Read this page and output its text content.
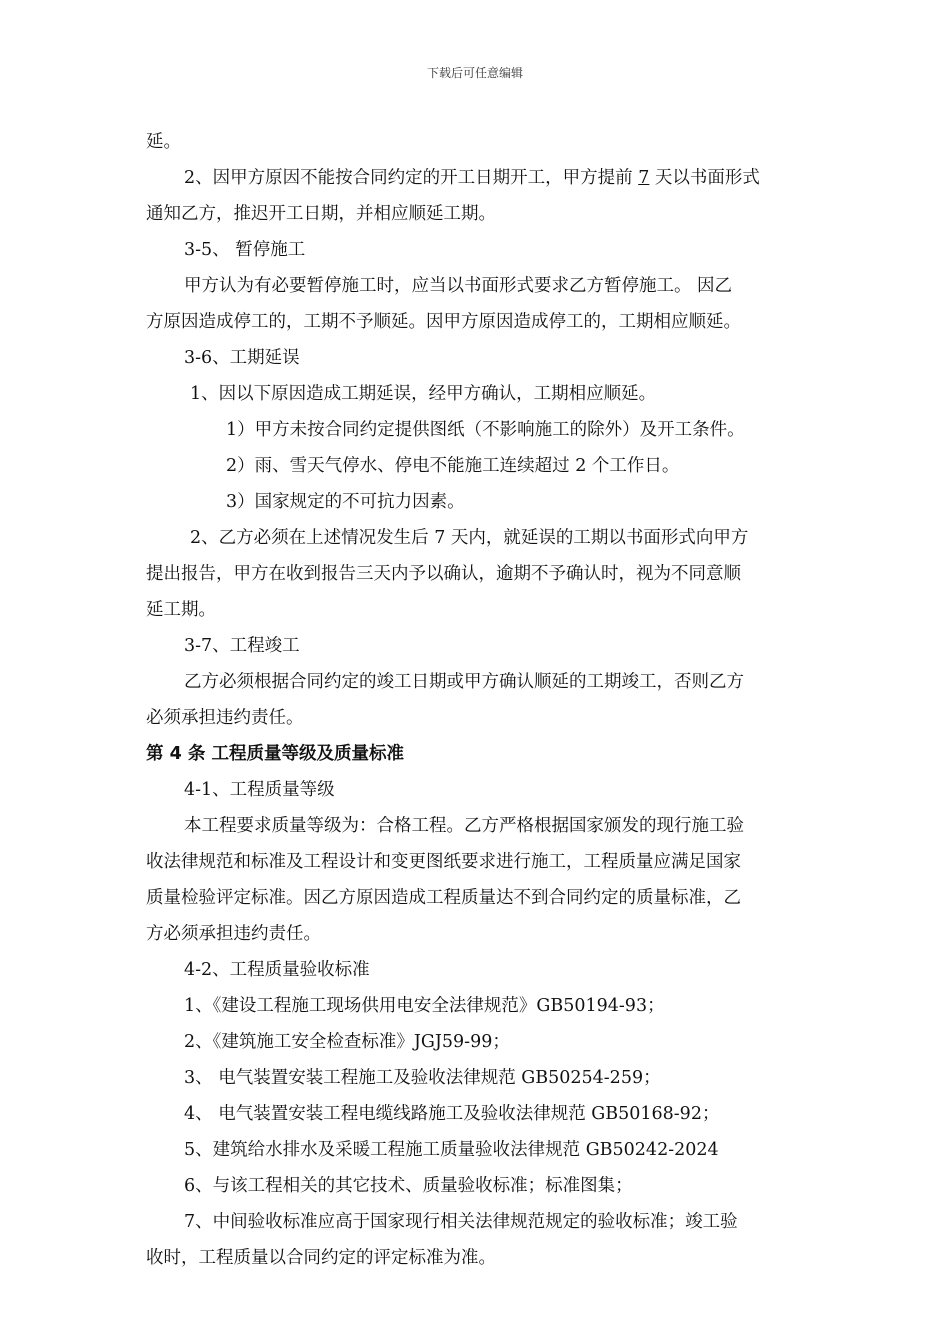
下载后可任意编辑
延。
2、因甲方原因不能按合同约定的开工日期开工，甲方提前 7 天以书面形式
通知乙方，推迟开工日期，并相应顺延工期。
3-5、 暂停施工
甲方认为有必要暂停施工时，应当以书面形式要求乙方暂停施工。 因乙
方原因造成停工的，工期不予顺延。因甲方原因造成停工的，工期相应顺延。
3-6、工期延误
1、因以下原因造成工期延误，经甲方确认，工期相应顺延。
1）甲方未按合同约定提供图纸（不影响施工的除外）及开工条件。
2）雨、雪天气停水、停电不能施工连续超过 2 个工作日。
3）国家规定的不可抗力因素。
2、乙方必须在上述情况发生后 7 天内，就延误的工期以书面形式向甲方
提出报告，甲方在收到报告三天内予以确认，逾期不予确认时，视为不同意顺
延工期。
3-7、工程竣工
乙方必须根据合同约定的竣工日期或甲方确认顺延的工期竣工，否则乙方
必须承担违约责任。
第 4 条 工程质量等级及质量标准
4-1、工程质量等级
本工程要求质量等级为：合格工程。乙方严格根据国家颁发的现行施工验
收法律规范和标准及工程设计和变更图纸要求进行施工，工程质量应满足国家
质量检验评定标准。因乙方原因造成工程质量达不到合同约定的质量标准，乙
方必须承担违约责任。
4-2、工程质量验收标准
1、《建设工程施工现场供用电安全法律规范》GB50194-93；
2、《建筑施工安全检查标准》JGJ59-99；
3、 电气装置安装工程施工及验收法律规范 GB50254-259；
4、 电气装置安装工程电缆线路施工及验收法律规范 GB50168-92；
5、建筑给水排水及采暖工程施工质量验收法律规范 GB50242-2024
6、与该工程相关的其它技术、质量验收标准；标准图集；
7、中间验收标准应高于国家现行相关法律规范规定的验收标准；竣工验
收时，工程质量以合同约定的评定标准为准。
